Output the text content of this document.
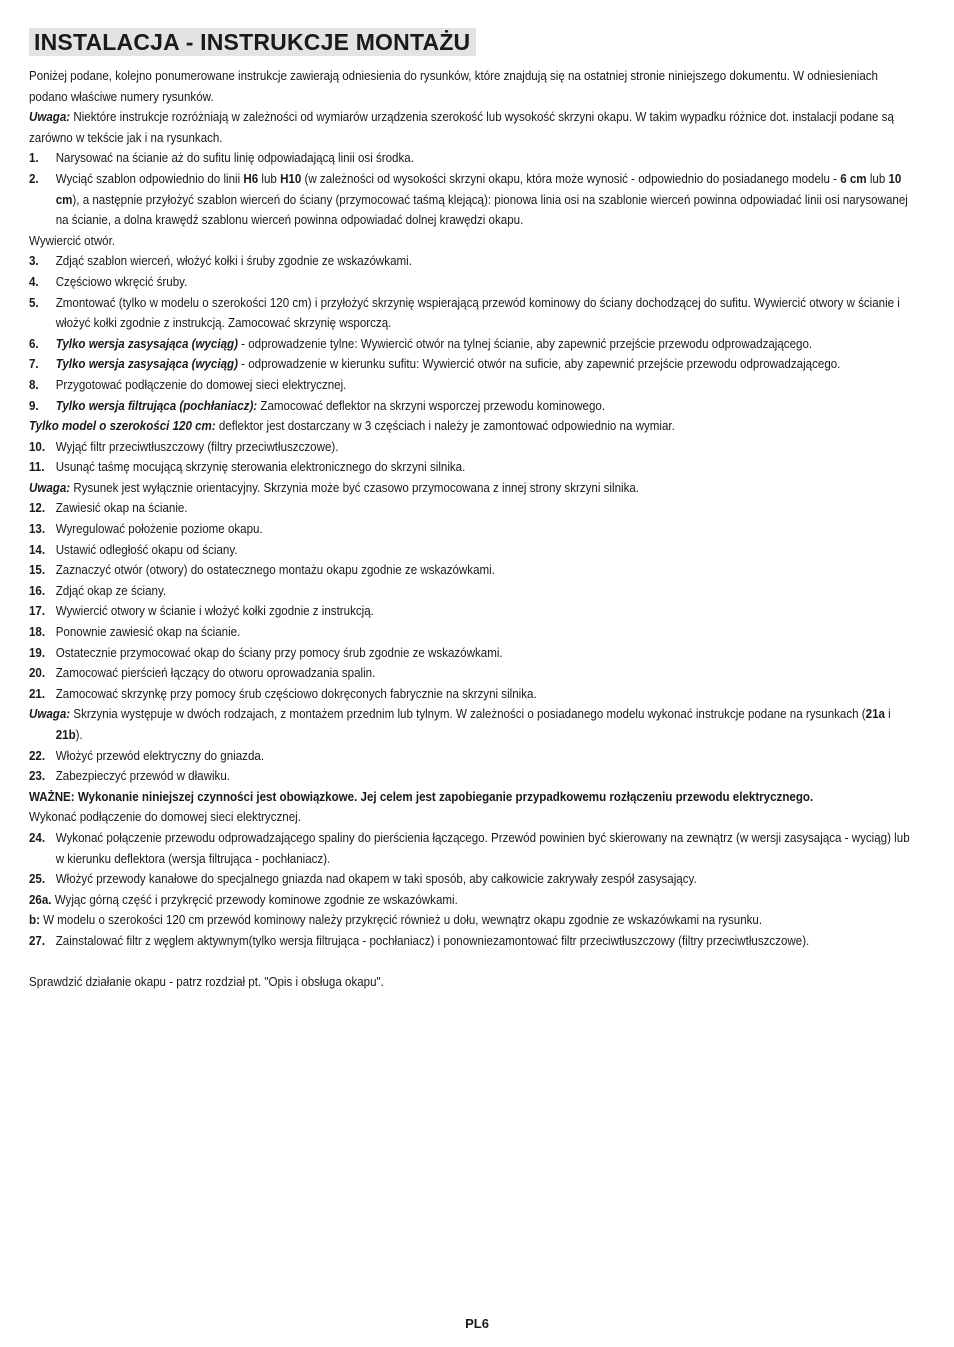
INSTALACJA - INSTRUKCJE MONTAŻU

Poniżej podane, kolejno ponumerowane instrukcje zawierają odniesienia do rysunków, które znajdują się na ostatniej stronie niniejszego dokumentu. W odniesieniach podano właściwe numery rysunków.

Uwaga: Niektóre instrukcje rozróżniają w zależności od wymiarów urządzenia szerokość lub wysokość skrzyni okapu. W takim wypadku różnice dot. instalacji podane są zarówno w tekście jak i na rysunkach.

1. Narysować na ścianie aż do sufitu linię odpowiadającą linii osi środka.
2. Wyciąć szablon odpowiednio do linii H6 lub H10 (w zależności od wysokości skrzyni okapu, która może wynosić - odpowiednio do posiadanego modelu - 6 cm lub 10 cm), a następnie przyłożyć szablon wierceń do ściany (przymocować taśmą klejącą): pionowa linia osi na szablonie wierceń powinna odpowiadać linii osi narysowanej na ścianie, a dolna krawędź szablonu wierceń powinna odpowiadać dolnej krawędzi okapu.

Wywiercić otwór.

3. Zdjąć szablon wierceń, włożyć kołki i śruby zgodnie ze wskazówkami.
4. Częściowo wkręcić śruby.
5. Zmontować (tylko w modelu o szerokości 120 cm) i przyłożyć skrzynię wspierającą przewód kominowy do ściany dochodzącej do sufitu. Wywiercić otwory w ścianie i włożyć kołki zgodnie z instrukcją. Zamocować skrzynię wsporczą.
6. Tylko wersja zasysająca (wyciąg) - odprowadzenie tylne: Wywiercić otwór na tylnej ścianie, aby zapewnić przejście przewodu odprowadzającego.
7. Tylko wersja zasysająca (wyciąg) - odprowadzenie w kierunku sufitu: Wywiercić otwór na suficie, aby zapewnić przejście przewodu odprowadzającego.
8. Przygotować podłączenie do domowej sieci elektrycznej.
9. Tylko wersja filtrująca (pochłaniacz): Zamocować deflektor na skrzyni wsporczej przewodu kominowego.

Tylko model o szerokości 120 cm: deflektor jest dostarczany w 3 częściach i należy je zamontować odpowiednio na wymiar.

10. Wyjąć filtr przeciwtłuszczowy (filtry przeciwtłuszczowe).
11. Usunąć taśmę mocującą skrzynię sterowania elektronicznego do skrzyni silnika.

Uwaga: Rysunek jest wyłącznie orientacyjny. Skrzynia może być czasowo przymocowana z innej strony skrzyni silnika.

12. Zawiesić okap na ścianie.
13. Wyregulować położenie poziome okapu.
14. Ustawić odległość okapu od ściany.
15. Zaznaczyć otwór (otwory) do ostatecznego montażu okapu zgodnie ze wskazówkami.
16. Zdjąć okap ze ściany.
17. Wywiercić otwory w ścianie i włożyć kołki zgodnie z instrukcją.
18. Ponownie zawiesić okap na ścianie.
19. Ostatecznie przymocować okap do ściany przy pomocy śrub zgodnie ze wskazówkami.
20. Zamocować pierścień łączący do otworu oprowadzania spalin.
21. Zamocować skrzynkę przy pomocy śrub częściowo dokręconych fabrycznie na skrzyni silnika.

Uwaga: Skrzynia występuje w dwóch rodzajach, z montażem przednim lub tylnym. W zależności o posiadanego modelu wykonać instrukcje podane na rysunkach (21a i 21b).

22. Włożyć przewód elektryczny do gniazda.
23. Zabezpieczyć przewód w dławiku.

WAŻNE: Wykonanie niniejszej czynności jest obowiązkowe. Jej celem jest zapobieganie przypadkowemu rozłączeniu przewodu elektrycznego.

Wykonać podłączenie do domowej sieci elektrycznej.

24. Wykonać połączenie przewodu odprowadzającego spaliny do pierścienia łączącego. Przewód powinien być skierowany na zewnątrz (w wersji zasysająca - wyciąg) lub w kierunku deflektora (wersja filtrująca - pochłaniacz).
25. Włożyć przewody kanałowe do specjalnego gniazda nad okapem w taki sposób, aby całkowicie zakrywały zespół zasysający.

26a. Wyjąc górną część i przykręcić przewody kominowe zgodnie ze wskazówkami.

b: W modelu o szerokości 120 cm przewód kominowy należy przykręcić również u dołu, wewnątrz okapu zgodnie ze wskazówkami na rysunku.

27. Zainstalować filtr z węglem aktywnym(tylko wersja filtrująca - pochłaniacz) i ponowniezamontować filtr przeciwtłuszczowy (filtry przeciwtłuszczowe).

Sprawdzić działanie okapu - patrz rozdział pt. "Opis i obsługa okapu".

PL6
